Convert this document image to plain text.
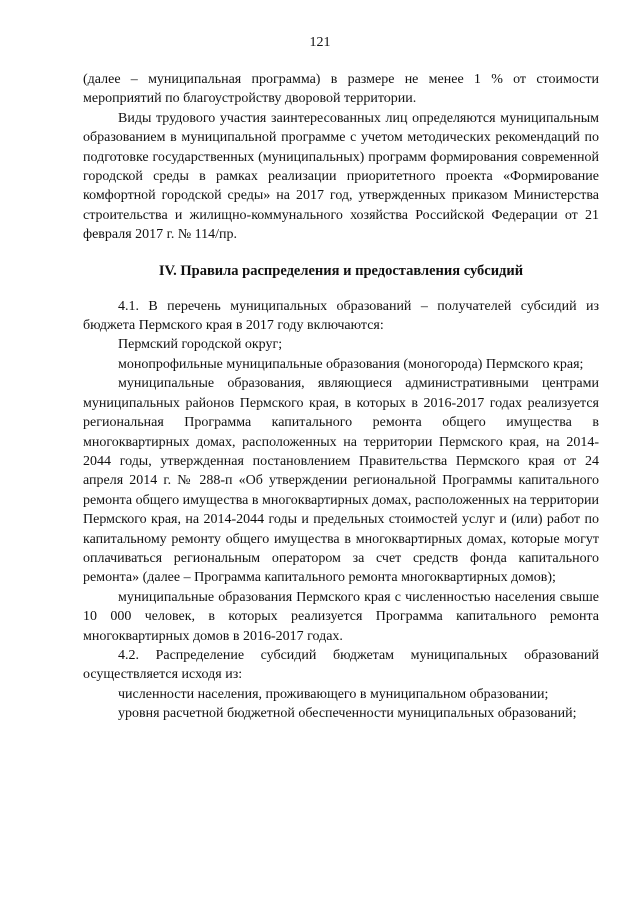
121

(далее – муниципальная программа) в размере не менее 1 % от стоимости мероприятий по благоустройству дворовой территории.

Виды трудового участия заинтересованных лиц определяются муниципальным образованием в муниципальной программе с учетом методических рекомендаций по подготовке государственных (муниципальных) программ формирования современной городской среды в рамках реализации приоритетного проекта «Формирование комфортной городской среды» на 2017 год, утвержденных приказом Министерства строительства и жилищно-коммунального хозяйства Российской Федерации от 21 февраля 2017 г. № 114/пр.

IV. Правила распределения и предоставления субсидий

4.1. В перечень муниципальных образований – получателей субсидий из бюджета Пермского края в 2017 году включаются:

Пермский городской округ;

монопрофильные муниципальные образования (моногорода) Пермского края;

муниципальные образования, являющиеся административными центрами муниципальных районов Пермского края, в которых в 2016-2017 годах реализуется региональная Программа капитального ремонта общего имущества в многоквартирных домах, расположенных на территории Пермского края, на 2014-2044 годы, утвержденная постановлением Правительства Пермского края от 24 апреля 2014 г. № 288-п «Об утверждении региональной Программы капитального ремонта общего имущества в многоквартирных домах, расположенных на территории Пермского края, на 2014-2044 годы и предельных стоимостей услуг и (или) работ по капитальному ремонту общего имущества в многоквартирных домах, которые могут оплачиваться региональным оператором за счет средств фонда капитального ремонта» (далее – Программа капитального ремонта многоквартирных домов);

муниципальные образования Пермского края с численностью населения свыше 10 000 человек, в которых реализуется Программа капитального ремонта многоквартирных домов в 2016-2017 годах.

4.2. Распределение субсидий бюджетам муниципальных образований осуществляется исходя из:

численности населения, проживающего в муниципальном образовании;

уровня расчетной бюджетной обеспеченности муниципальных образований;
